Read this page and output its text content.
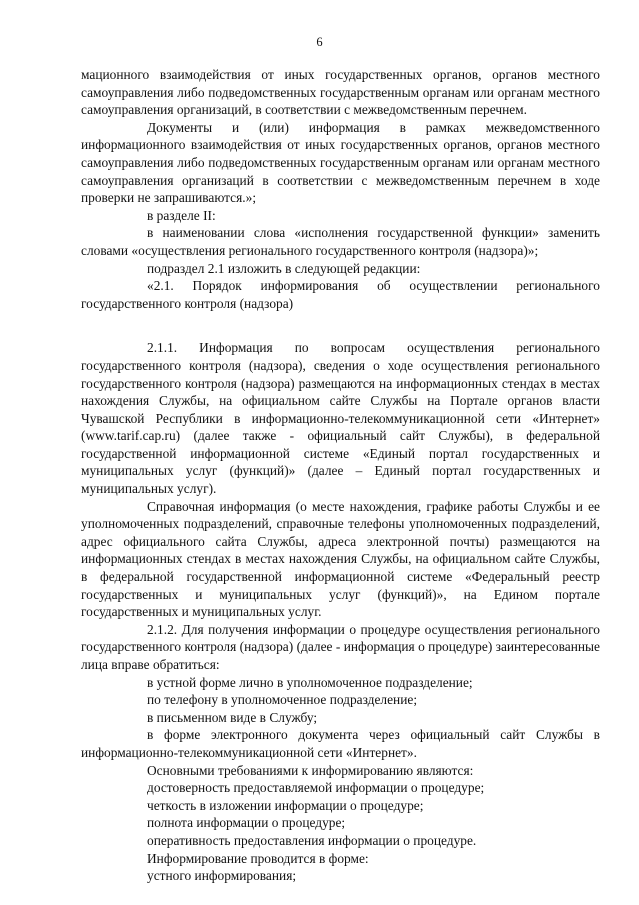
6

мационного взаимодействия от иных государственных органов, органов местного самоуправления либо подведомственных государственным органам или органам местного самоуправления организаций, в соответствии с межведомственным перечнем.

Документы и (или) информация в рамках межведомственного информационного взаимодействия от иных государственных органов, органов местного самоуправления либо подведомственных государственным органам или органам местного самоуправления организаций в соответствии с межведомственным перечнем в ходе проверки не запрашиваются.»;

в разделе II:

в наименовании слова «исполнения государственной функции» заменить словами «осуществления регионального государственного контроля (надзора)»;

подраздел 2.1 изложить в следующей редакции:

«2.1. Порядок информирования об осуществлении регионального государственного контроля (надзора)

2.1.1. Информация по вопросам осуществления регионального государственного контроля (надзора), сведения о ходе осуществления регионального государственного контроля (надзора) размещаются на информационных стендах в местах нахождения Службы, на официальном сайте Службы на Портале органов власти Чувашской Республики в информационно-телекоммуникационной сети «Интернет» (www.tarif.cap.ru) (далее также - официальный сайт Службы), в федеральной государственной информационной системе «Единый портал государственных и муниципальных услуг (функций)» (далее – Единый портал государственных и муниципальных услуг).

Справочная информация (о месте нахождения, графике работы Службы и ее уполномоченных подразделений, справочные телефоны уполномоченных подразделений, адрес официального сайта Службы, адреса электронной почты) размещаются на информационных стендах в местах нахождения Службы, на официальном сайте Службы, в федеральной государственной информационной системе «Федеральный реестр государственных и муниципальных услуг (функций)», на Едином портале государственных и муниципальных услуг.

2.1.2. Для получения информации о процедуре осуществления регионального государственного контроля (надзора) (далее - информация о процедуре) заинтересованные лица вправе обратиться:

в устной форме лично в уполномоченное подразделение;

по телефону в уполномоченное подразделение;

в письменном виде в Службу;

в форме электронного документа через официальный сайт Службы в информационно-телекоммуникационной сети «Интернет».

Основными требованиями к информированию являются:

достоверность предоставляемой информации о процедуре;

четкость в изложении информации о процедуре;

полнота информации о процедуре;

оперативность предоставления информации о процедуре.

Информирование проводится в форме:

устного информирования;
